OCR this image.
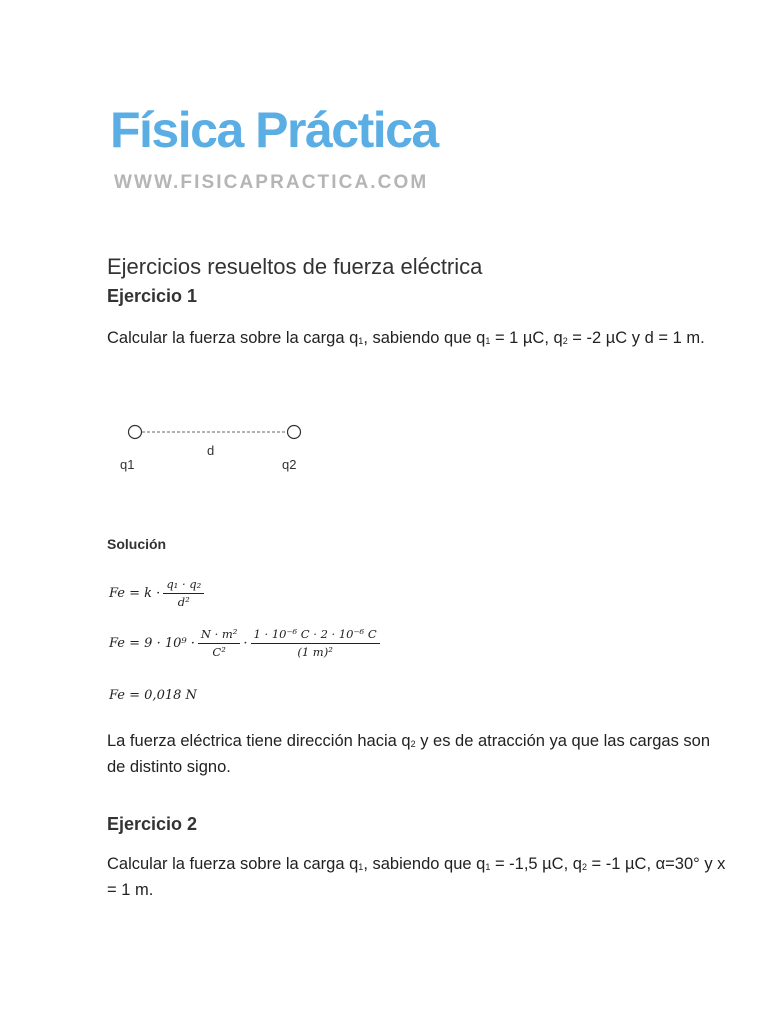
Física Práctica
WWW.FISICAPRACTICA.COM
Ejercicios resueltos de fuerza eléctrica
Ejercicio 1
Calcular la fuerza sobre la carga $q_1$, sabiendo que $q_1 = 1$ µC, $q_2 = -2$ µC y d = 1 m.
d
q1	q2
Solución
$Fe = k \cdot \frac{\text{q₁ · q₂}}{\text{d²}}$
$Fe = 9 \cdot 10^9 \cdot \frac{\text{N · m²}}{\text{C²}} \cdot \frac{\text{1 · 10⁻⁶ C · 2 · 10⁻⁶ C}}{\text{(1 m)²}}$
Fe = 0,018 N
La fuerza eléctrica tiene dirección hacia $q_2$ y es de atracción ya que las cargas son de distinto signo.
Ejercicio 2
Calcular la fuerza sobre la carga $q_1$, sabiendo que $q_1 = -1,5$ µC, $q_2 = -1$ µC, α=30° y x = 1 m.
